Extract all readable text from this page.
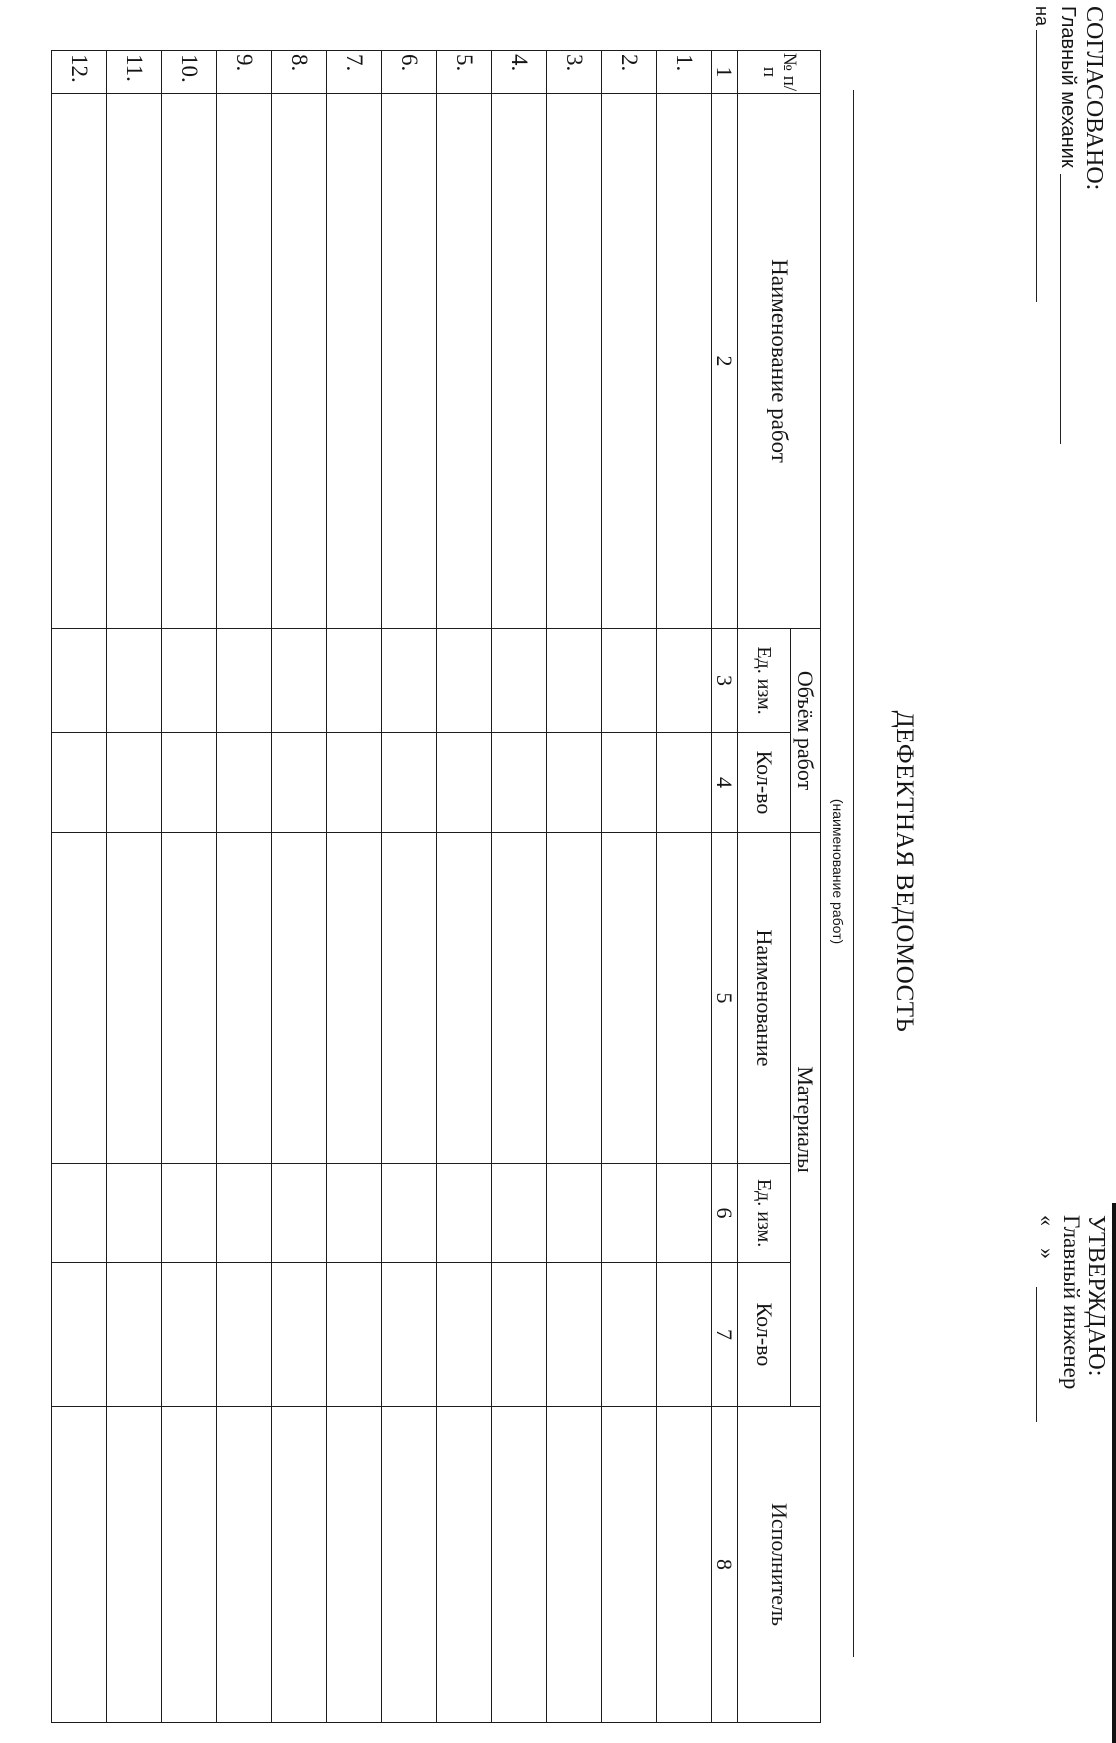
СОГЛАСОВАНО:
Главный механик
на
УТВЕРЖДАЮ:
Главный инженер
«    »
ДЕФЕКТНАЯ ВЕДОМОСТЬ
(наименование работ)
№ п/п	Наименование работ	Объём работ		Материалы			Исполнитель
		Ед. изм.	Кол-во	Наименование	Ед. изм.	Кол-во	
1	2	3	4	5	6	7	8
1.							
2.							
3.							
4.							
5.							
6.							
7.							
8.							
9.							
10.							
11.							
12.							
